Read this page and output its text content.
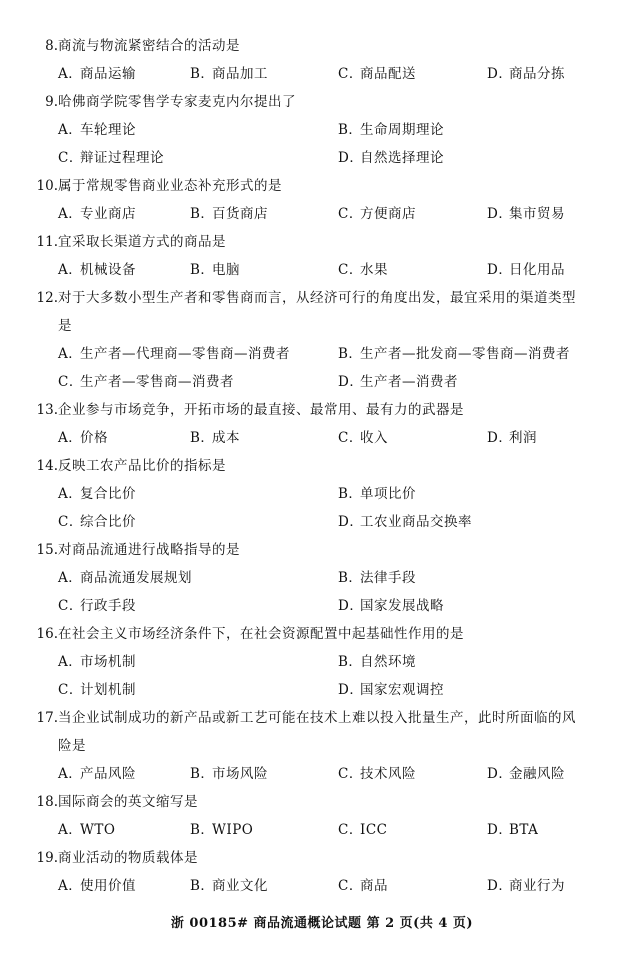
8. 商流与物流紧密结合的活动是
A．商品运输	B．商品加工	C．商品配送	D．商品分拣
9. 哈佛商学院零售学专家麦克内尔提出了
A．车轮理论	B．生命周期理论
C．辩证过程理论	D．自然选择理论
10. 属于常规零售商业业态补充形式的是
A．专业商店	B．百货商店	C．方便商店	D．集市贸易
11. 宜采取长渠道方式的商品是
A．机械设备	B．电脑	C．水果	D．日化用品
12. 对于大多数小型生产者和零售商而言，从经济可行的角度出发，最宜采用的渠道类型
是
A．生产者—代理商—零售商—消费者	B．生产者—批发商—零售商—消费者
C．生产者—零售商—消费者	D．生产者—消费者
13. 企业参与市场竞争，开拓市场的最直接、最常用、最有力的武器是
A．价格	B．成本	C．收入	D．利润
14. 反映工农产品比价的指标是
A．复合比价	B．单项比价
C．综合比价	D．工农业商品交换率
15. 对商品流通进行战略指导的是
A．商品流通发展规划	B．法律手段
C．行政手段	D．国家发展战略
16. 在社会主义市场经济条件下，在社会资源配置中起基础性作用的是
A．市场机制	B．自然环境
C．计划机制	D．国家宏观调控
17. 当企业试制成功的新产品或新工艺可能在技术上难以投入批量生产，此时所面临的风
险是
A．产品风险	B．市场风险	C．技术风险	D．金融风险
18. 国际商会的英文缩写是
A．WTO	B．WIPO	C．ICC	D．BTA
19. 商业活动的物质载体是
A．使用价值	B．商业文化	C．商品	D．商业行为
浙 00185# 商品流通概论试题 第 2 页(共 4 页)
